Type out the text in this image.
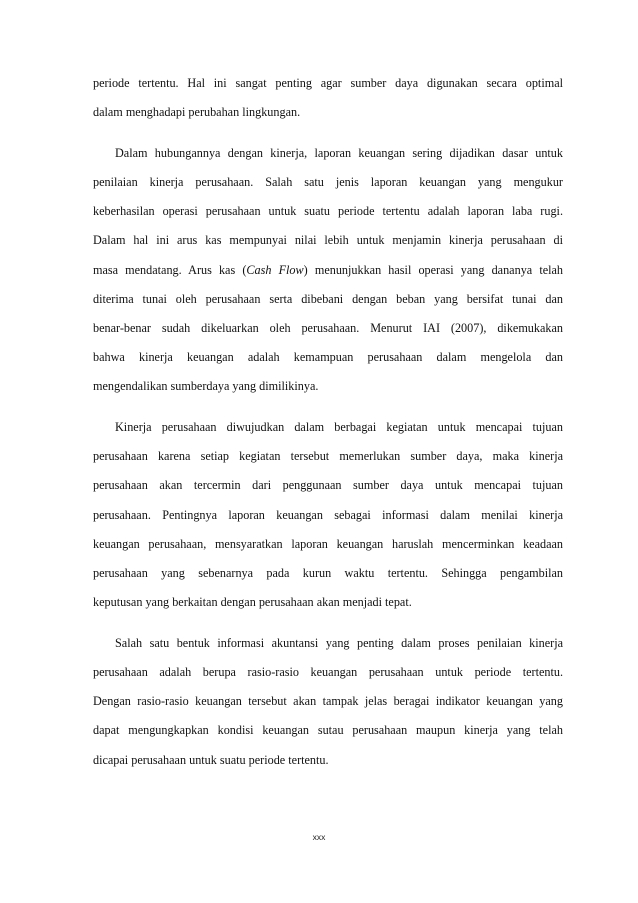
periode tertentu. Hal ini sangat penting agar sumber daya digunakan secara optimal
dalam menghadapi perubahan lingkungan.
Dalam hubungannya dengan kinerja, laporan keuangan sering dijadikan dasar untuk
penilaian kinerja perusahaan. Salah satu jenis laporan keuangan yang mengukur
keberhasilan operasi perusahaan untuk suatu periode tertentu adalah laporan laba rugi.
Dalam hal ini arus kas mempunyai nilai lebih untuk menjamin kinerja perusahaan di
masa mendatang. Arus kas (Cash Flow) menunjukkan hasil operasi yang dananya telah
diterima tunai oleh perusahaan serta dibebani dengan beban yang bersifat tunai dan
benar-benar sudah dikeluarkan oleh perusahaan. Menurut IAI (2007), dikemukakan
bahwa kinerja keuangan adalah kemampuan perusahaan dalam mengelola dan
mengendalikan sumberdaya yang dimilikinya.
Kinerja perusahaan diwujudkan dalam berbagai kegiatan untuk mencapai tujuan
perusahaan karena setiap kegiatan tersebut memerlukan sumber daya, maka kinerja
perusahaan akan tercermin dari penggunaan sumber daya untuk mencapai tujuan
perusahaan. Pentingnya laporan keuangan sebagai informasi dalam menilai kinerja
keuangan perusahaan, mensyaratkan laporan keuangan haruslah mencerminkan keadaan
perusahaan yang sebenarnya pada kurun waktu tertentu. Sehingga pengambilan
keputusan yang berkaitan dengan perusahaan akan menjadi tepat.
Salah satu bentuk informasi akuntansi yang penting dalam proses penilaian kinerja
perusahaan adalah berupa rasio-rasio keuangan perusahaan untuk periode tertentu.
Dengan rasio-rasio keuangan tersebut akan tampak jelas beragai indikator keuangan yang
dapat mengungkapkan kondisi keuangan sutau perusahaan maupun kinerja yang telah
dicapai perusahaan untuk suatu periode tertentu.
xxx
